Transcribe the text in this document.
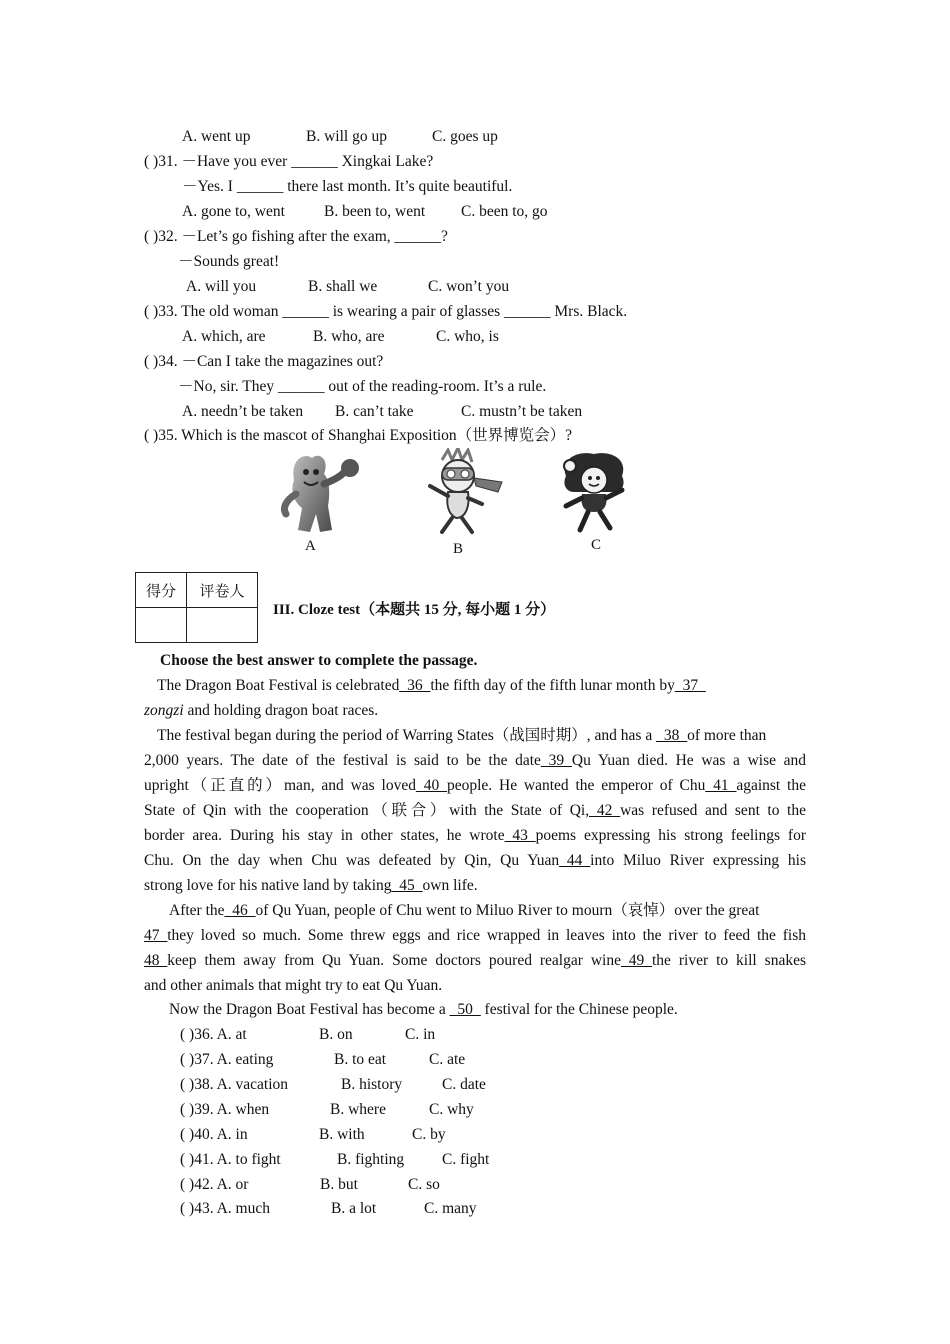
A. went up	B. will go up	C. goes up
( )31. －Have you ever ______ Xingkai Lake?
－Yes. I ______ there last month. It’s quite beautiful.
A. gone to, went	B. been to, went C. been to, go
( )32. －Let’s go fishing after the exam, ______?
－Sounds great!
A. will you	B. shall we	C. won’t you
( )33. The old woman ______ is wearing a pair of glasses ______ Mrs. Black.
A. which, are	B. who, are	C. who, is
( )34. －Can I take the magazines out?
－No, sir. They ______ out of the reading-room. It’s a rule.
A. needn’t be taken B. can’t take	C. mustn’t be taken
( )35. Which is the mascot of Shanghai Exposition（世界博览会）?
A	B	C
得分	评卷人

III. Cloze test（本题共 15 分, 每小题 1 分）
Choose the best answer to complete the passage.
The Dragon Boat Festival is celebrated_36_the fifth day of the fifth lunar month by_37_
zongzi and holding dragon boat races.
The festival began during the period of Warring States（战国时期）, and has a _38_of more than
2,000 years. The date of the festival is said to be the date_39_Qu Yuan died. He was a wise and
upright（正直的）man, and was loved_40_people. He wanted the emperor of Chu_41_against the
State of Qin with the cooperation（联合）with the State of Qi,_42_was refused and sent to the
border area. During his stay in other states, he wrote_43_poems expressing his strong feelings for
Chu. On the day when Chu was defeated by Qin, Qu Yuan_44_into Miluo River expressing his
strong love for his native land by taking_45_own life.
After the_46_of Qu Yuan, people of Chu went to Miluo River to mourn（哀悼）over the great
47_they loved so much. Some threw eggs and rice wrapped in leaves into the river to feed the fish
48_keep them away from Qu Yuan. Some doctors poured realgar wine_49_the river to kill snakes
and other animals that might try to eat Qu Yuan.
Now the Dragon Boat Festival has become a _50_ festival for the Chinese people.
( )36. A. at	B. on	C. in
( )37. A. eating	B. to eat	C. ate
( )38. A. vacation	B. history	C. date
( )39. A. when	B. where	C. why
( )40. A. in	B. with	C. by
( )41. A. to fight	B. fighting C. fight
( )42. A. or	B. but	C. so
( )43. A. much	B. a lot	C. many
